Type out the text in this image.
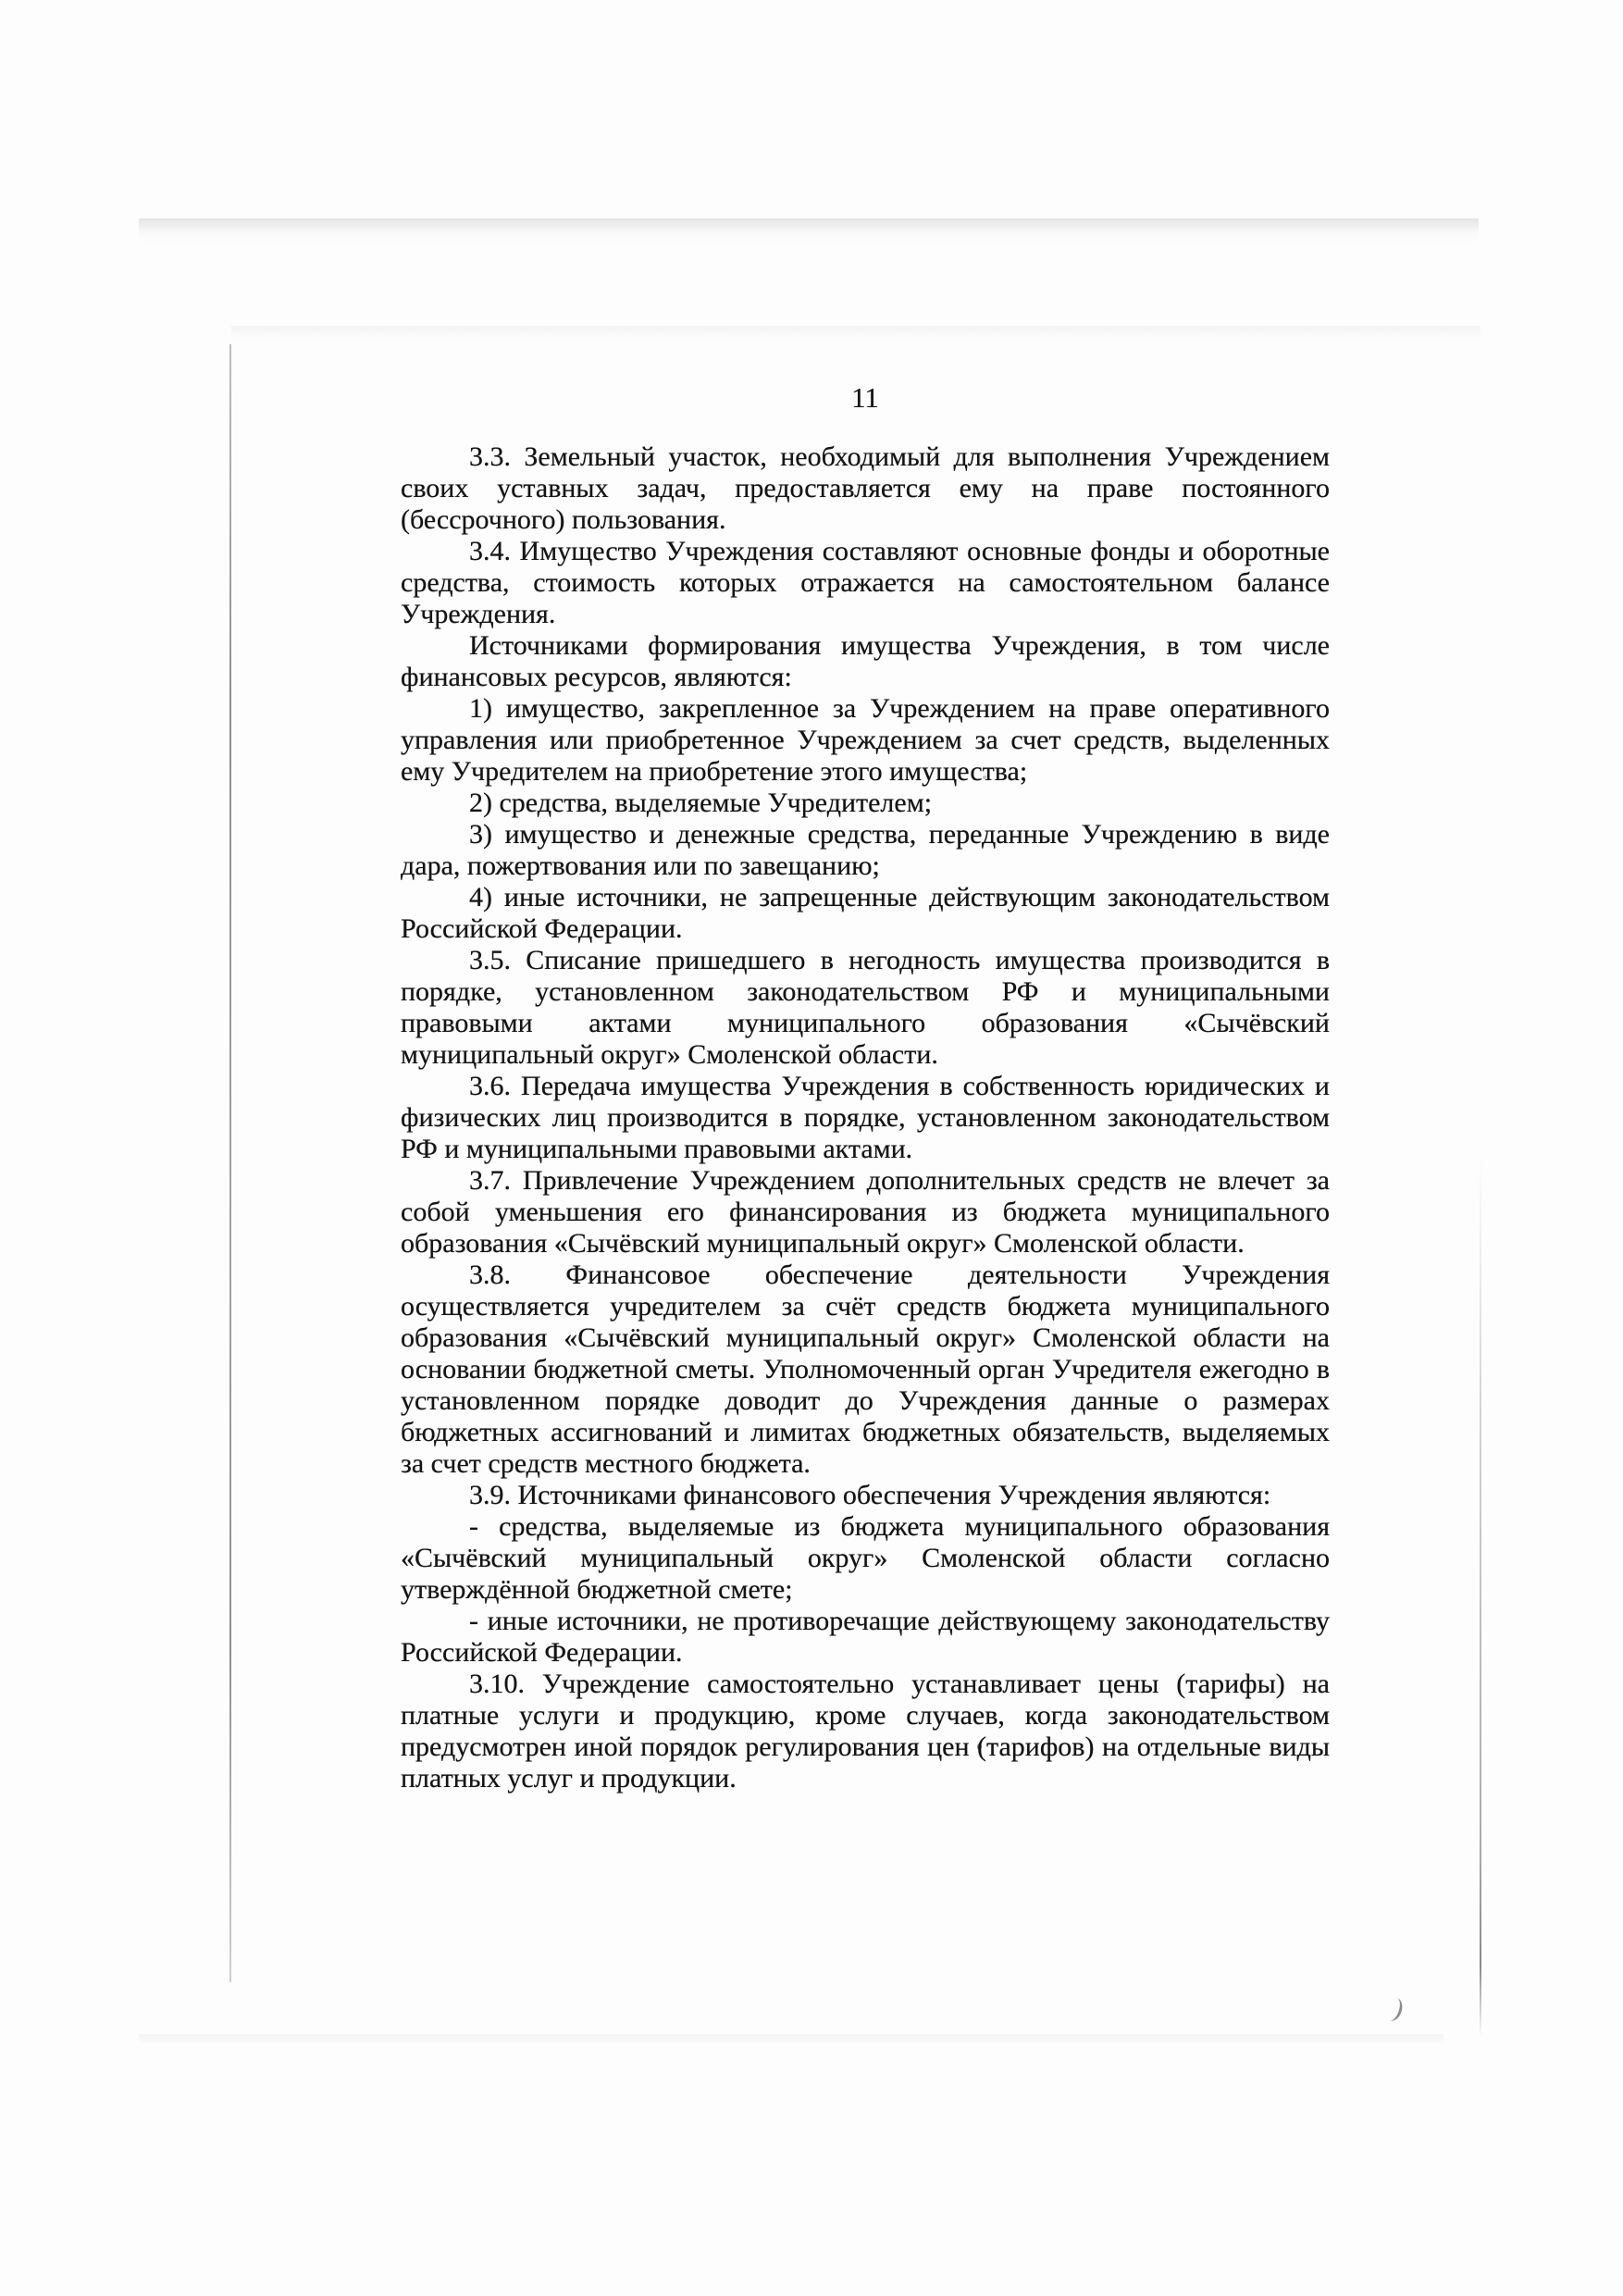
11

3.3. Земельный участок, необходимый для выполнения Учреждением своих уставных задач, предоставляется ему на праве постоянного (бессрочного) пользования.

3.4. Имущество Учреждения составляют основные фонды и оборотные средства, стоимость которых отражается на самостоятельном балансе Учреждения.

Источниками формирования имущества Учреждения, в том числе финансовых ресурсов, являются:

1) имущество, закрепленное за Учреждением на праве оперативного управления или приобретенное Учреждением за счет средств, выделенных ему Учредителем на приобретение этого имущества;

2) средства, выделяемые Учредителем;

3) имущество и денежные средства, переданные Учреждению в виде дара, пожертвования или по завещанию;

4) иные источники, не запрещенные действующим законодательством Российской Федерации.

3.5. Списание пришедшего в негодность имущества производится в порядке, установленном законодательством РФ и муниципальными правовыми актами муниципального образования «Сычёвский муниципальный округ» Смоленской области.

3.6. Передача имущества Учреждения в собственность юридических и физических лиц производится в порядке, установленном законодательством РФ и муниципальными правовыми актами.

3.7. Привлечение Учреждением дополнительных средств не влечет за собой уменьшения его финансирования из бюджета муниципального образования «Сычёвский муниципальный округ» Смоленской области.

3.8. Финансовое обеспечение деятельности Учреждения осуществляется учредителем за счёт средств бюджета муниципального образования «Сычёвский муниципальный округ» Смоленской области на основании бюджетной сметы. Уполномоченный орган Учредителя ежегодно в установленном порядке доводит до Учреждения данные о размерах бюджетных ассигнований и лимитах бюджетных обязательств, выделяемых за счет средств местного бюджета.

3.9. Источниками финансового обеспечения Учреждения являются:

- средства, выделяемые из бюджета муниципального образования «Сычёвский муниципальный округ» Смоленской области согласно утверждённой бюджетной смете;

- иные источники, не противоречащие действующему законодательству Российской Федерации.

3.10. Учреждение самостоятельно устанавливает цены (тарифы) на платные услуги и продукцию, кроме случаев, когда законодательством предусмотрен иной порядок регулирования цен (тарифов) на отдельные виды платных услуг и продукции.
